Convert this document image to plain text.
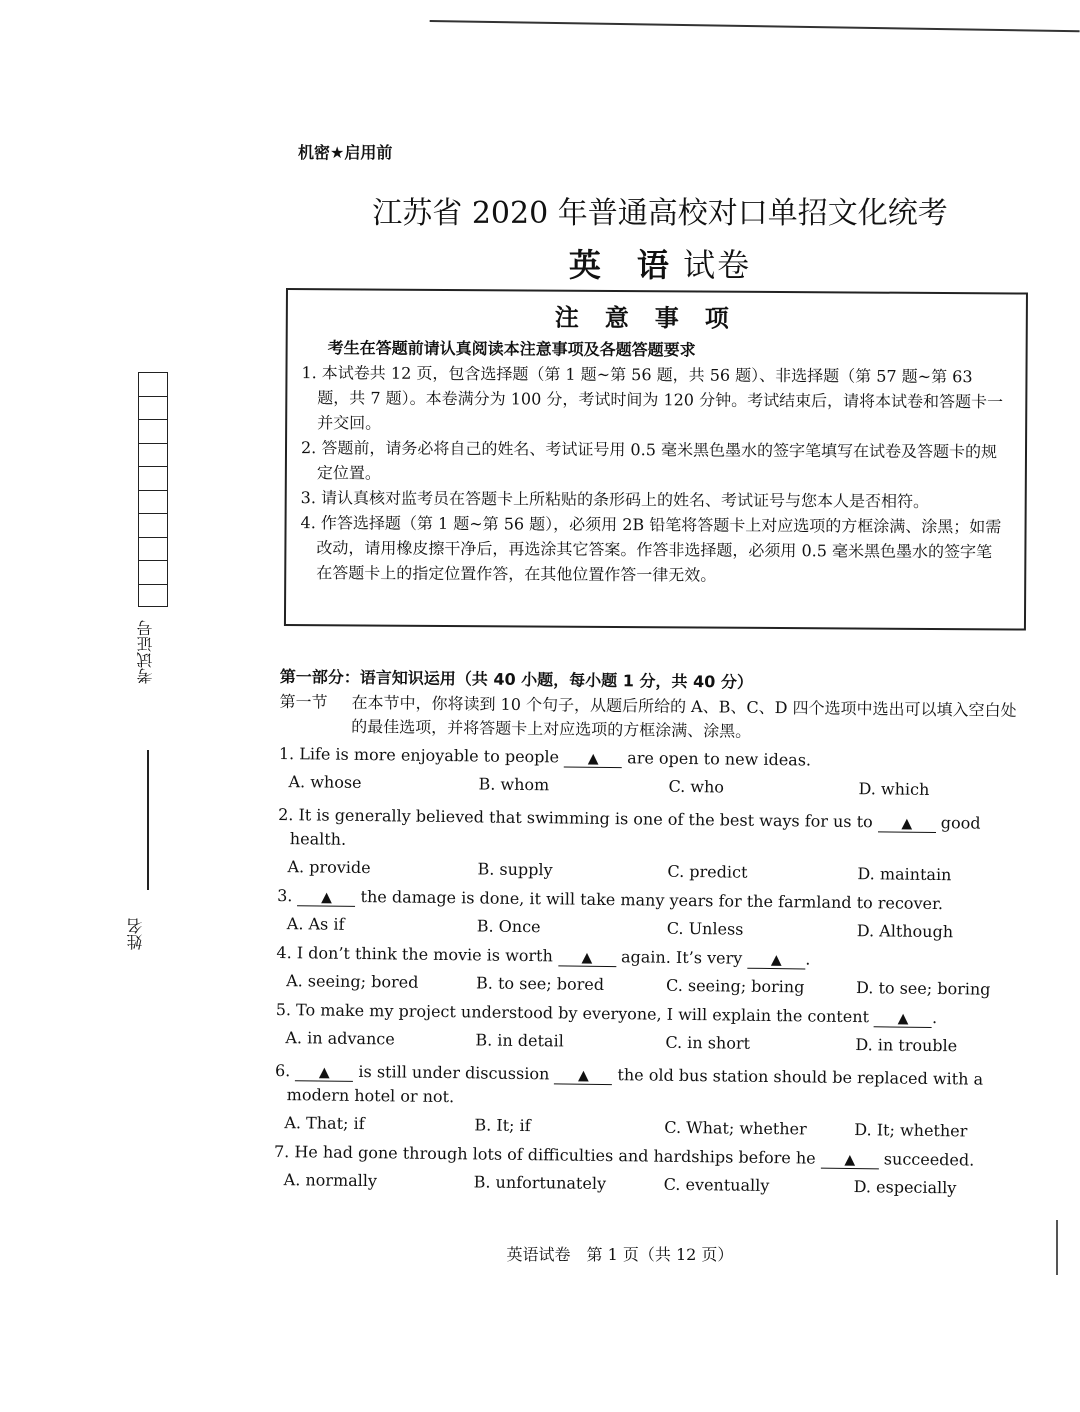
机密★启用前
江苏省 2020 年普通高校对口单招文化统考
英　语 试卷
注意事项
考生在答题前请认真阅读本注意事项及各题答题要求
1. 本试卷共 12 页，包含选择题（第 1 题~第 56 题，共 56 题）、非选择题（第 57 题~第 63 题，共 7 题）。本卷满分为 100 分，考试时间为 120 分钟。考试结束后，请将本试卷和答题卡一并交回。
2. 答题前，请务必将自己的姓名、考试证号用 0.5 毫米黑色墨水的签字笔填写在试卷及答题卡的规定位置。
3. 请认真核对监考员在答题卡上所粘贴的条形码上的姓名、考试证号与您本人是否相符。
4. 作答选择题（第 1 题~第 56 题），必须用 2B 铅笔将答题卡上对应选项的方框涂满、涂黑；如需改动，请用橡皮擦干净后，再选涂其它答案。作答非选择题，必须用 0.5 毫米黑色墨水的签字笔在答题卡上的指定位置作答，在其他位置作答一律无效。
考试证号
姓名
第一部分：语言知识运用（共 40 小题，每小题 1 分，共 40 分）
第一节	在本节中，你将读到 10 个句子，从题后所给的 A、B、C、D 四个选项中选出可以填入空白处的最佳选项，并将答题卡上对应选项的方框涂满、涂黑。
1. Life is more enjoyable to people ▲ are open to new ideas.
A. whose	B. whom	C. who	D. which
2. It is generally believed that swimming is one of the best ways for us to ▲ good health.
A. provide	B. supply	C. predict	D. maintain
3. ▲ the damage is done, it will take many years for the farmland to recover.
A. As if	B. Once	C. Unless	D. Although
4. I don’t think the movie is worth ▲ again. It’s very ▲ .
A. seeing; bored	B. to see; bored	C. seeing; boring	D. to see; boring
5. To make my project understood by everyone, I will explain the content ▲ .
A. in advance	B. in detail	C. in short	D. in trouble
6. ▲ is still under discussion ▲ the old bus station should be replaced with a modern hotel or not.
A. That; if	B. It; if	C. What; whether	D. It; whether
7. He had gone through lots of difficulties and hardships before he ▲ succeeded.
A. normally	B. unfortunately	C. eventually	D. especially
英语试卷　第 1 页（共 12 页）
